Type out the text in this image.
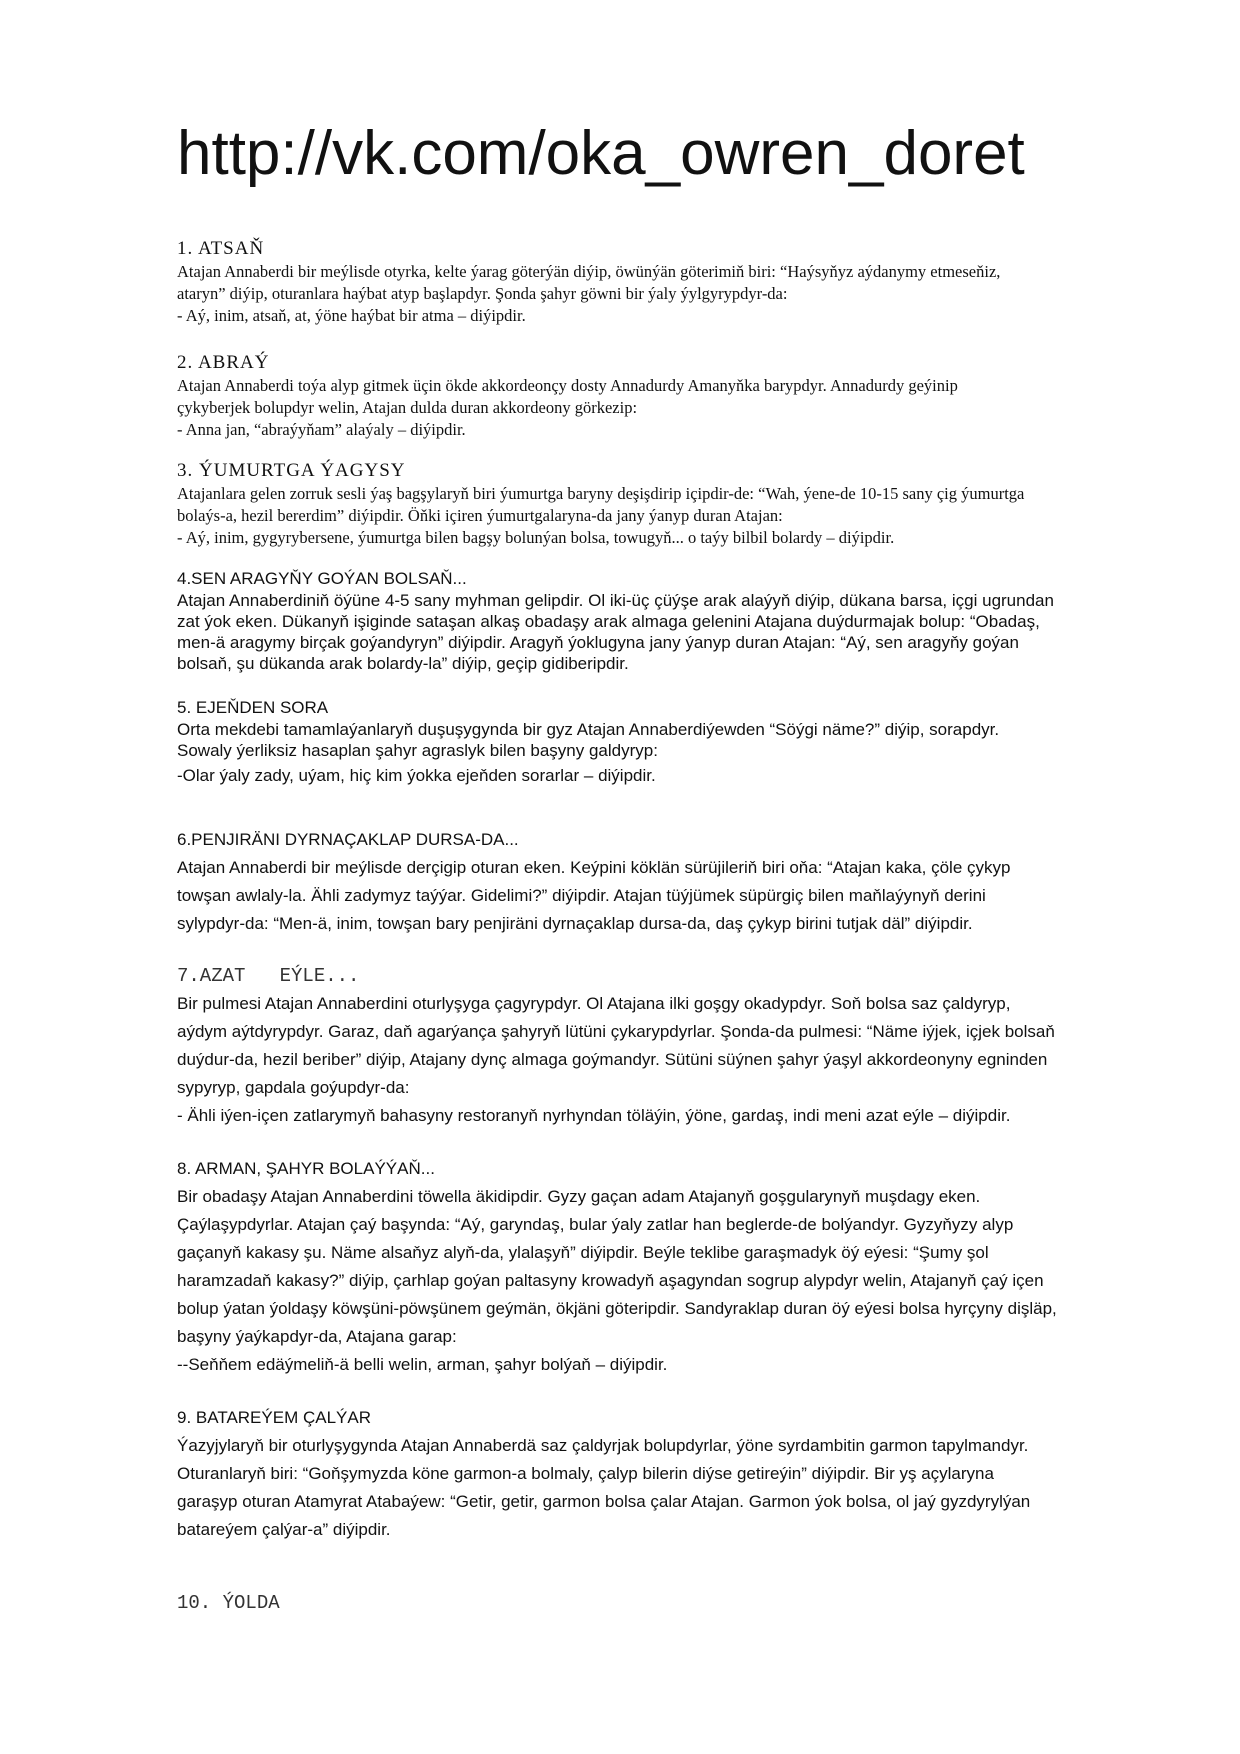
http://vk.com/oka_owren_doret
1. ATSAŇ

Atajan Annaberdi bir meýlisde otyrka, kelte ýarag göterýän diýip, öwünýän göterimiň biri: “Haýsyňyz aýdanymy etmeseňiz,

ataryn” diýip, oturanlara haýbat atyp başlapdyr. Şonda şahyr göwni bir ýaly ýylgyrypdyr-da:

- Aý, inim, atsaň, at, ýöne haýbat bir atma – diýipdir.

2. ABRAÝ

Atajan Annaberdi toýa alyp gitmek üçin ökde akkordeonçy dosty Annadurdy Amanyňka barypdyr. Annadurdy geýinip

çykyberjek bolupdyr welin, Atajan dulda duran akkordeony görkezip:

- Anna jan, “abraýyňam” alaýaly – diýipdir.

3. ÝUMURTGA ÝAGYSY

Atajanlara gelen zorruk sesli ýaş bagşylaryň biri ýumurtga baryny deşişdirip içipdir-de: “Wah, ýene-de 10-15 sany çig ýumurtga

bolaýs-a, hezil bererdim” diýipdir. Öňki içiren ýumurtgalaryna-da jany ýanyp duran Atajan:

- Aý, inim, gygyrybersene, ýumurtga bilen bagşy bolunýan bolsa, towugyň... o taýy bilbil bolardy – diýipdir.

4.SEN ARAGYŇY GOÝAN BOLSAŇ...

Atajan Annaberdiniň öýüne 4-5 sany myhman gelipdir. Ol iki-üç çüýşe arak alaýyň diýip, dükana barsa, içgi ugrundan

zat ýok eken. Dükanyň işiginde sataşan alkaş obadaşy arak almaga gelenini Atajana duýdurmajak bolup: “Obadaş,

men-ä aragymy birçak goýandyryn” diýipdir. Aragyň ýoklugyna jany ýanyp duran Atajan: “Aý, sen aragyňy goýan

bolsaň, şu dükanda arak bolardy-la” diýip, geçip gidiberipdir.

5. EJEŇDEN SORA

Orta mekdebi tamamlaýanlaryň duşuşygynda bir gyz Atajan Annaberdiýewden “Söýgi näme?” diýip, sorapdyr.

Sowaly ýerliksiz hasaplan şahyr agraslyk bilen başyny galdyryp:

-Olar ýaly zady, uýam, hiç kim ýokka ejeňden sorarlar – diýipdir.

6.PENJIRÄNI DYRNAÇAKLAP DURSA-DA...

Atajan Annaberdi bir meýlisde derçigip oturan eken. Keýpini köklän sürüjileriň biri oňa: “Atajan kaka, çöle çykyp

towşan awlaly-la. Ähli zadymyz taýýar. Gidelimi?” diýipdir. Atajan tüýjümek süpürgiç bilen maňlaýynyň derini

sylypdyr-da: “Men-ä, inim, towşan bary penjiräni dyrnaçaklap dursa-da, daş çykyp birini tutjak däl” diýipdir.

7.AZAT   EÝLE...

Bir pulmesi Atajan Annaberdini oturlyşyga çagyrypdyr. Ol Atajana ilki goşgy okadypdyr. Soň bolsa saz çaldyryp,

aýdym aýtdyrypdyr. Garaz, daň agarýança şahyryň lütüni çykarypdyrlar. Şonda-da pulmesi: “Näme iýjek, içjek bolsaň

duýdur-da, hezil beriber” diýip, Atajany dynç almaga goýmandyr. Sütüni süýnen şahyr ýaşyl akkordeonyny egninden

sypyryp, gapdala goýupdyr-da:

- Ähli iýen-içen zatlarymyň bahasyny restoranyň nyrhyndan töläýin, ýöne, gardaş, indi meni azat eýle – diýipdir.

8. ARMAN, ŞAHYR BOLAÝÝAŇ...

Bir obadaşy Atajan Annaberdini töwella äkidipdir. Gyzy gaçan adam Atajanyň goşgularynyň muşdagy eken.

Çaýlaşypdyrlar. Atajan çaý başynda: “Aý, garyndaş, bular ýaly zatlar han beglerde-de bolýandyr. Gyzyňyzy alyp

gaçanyň kakasy şu. Näme alsaňyz alyň-da, ylalaşyň” diýipdir. Beýle teklibe garaşmadyk öý eýesi: “Şumy şol

haramzadaň kakasy?” diýip, çarhlap goýan paltasyny krowadyň aşagyndan sogrup alypdyr welin, Atajanyň çaý içen

bolup ýatan ýoldaşy köwşüni-pöwşünem geýmän, ökjäni göteripdir. Sandyraklap duran öý eýesi bolsa hyrçyny dişläp,

başyny ýaýkapdyr-da, Atajana garap:

--Seňňem edäýmeliň-ä belli welin, arman, şahyr bolýaň – diýipdir.

9. BATAREÝEM ÇALÝAR

Ýazyjylaryň bir oturlyşygynda Atajan Annaberdä saz çaldyrjak bolupdyrlar, ýöne syrdambitin garmon tapylmandyr.

Oturanlaryň biri: “Goňşymyzda köne garmon-a bolmaly, çalyp bilerin diýse getireýin” diýipdir. Bir yş açylaryna

garaşyp oturan Atamyrat Atabaýew: “Getir, getir, garmon bolsa çalar Atajan. Garmon ýok bolsa, ol jaý gyzdyrylýan

batareýem çalýar-a” diýipdir.

10. ÝOLDA
